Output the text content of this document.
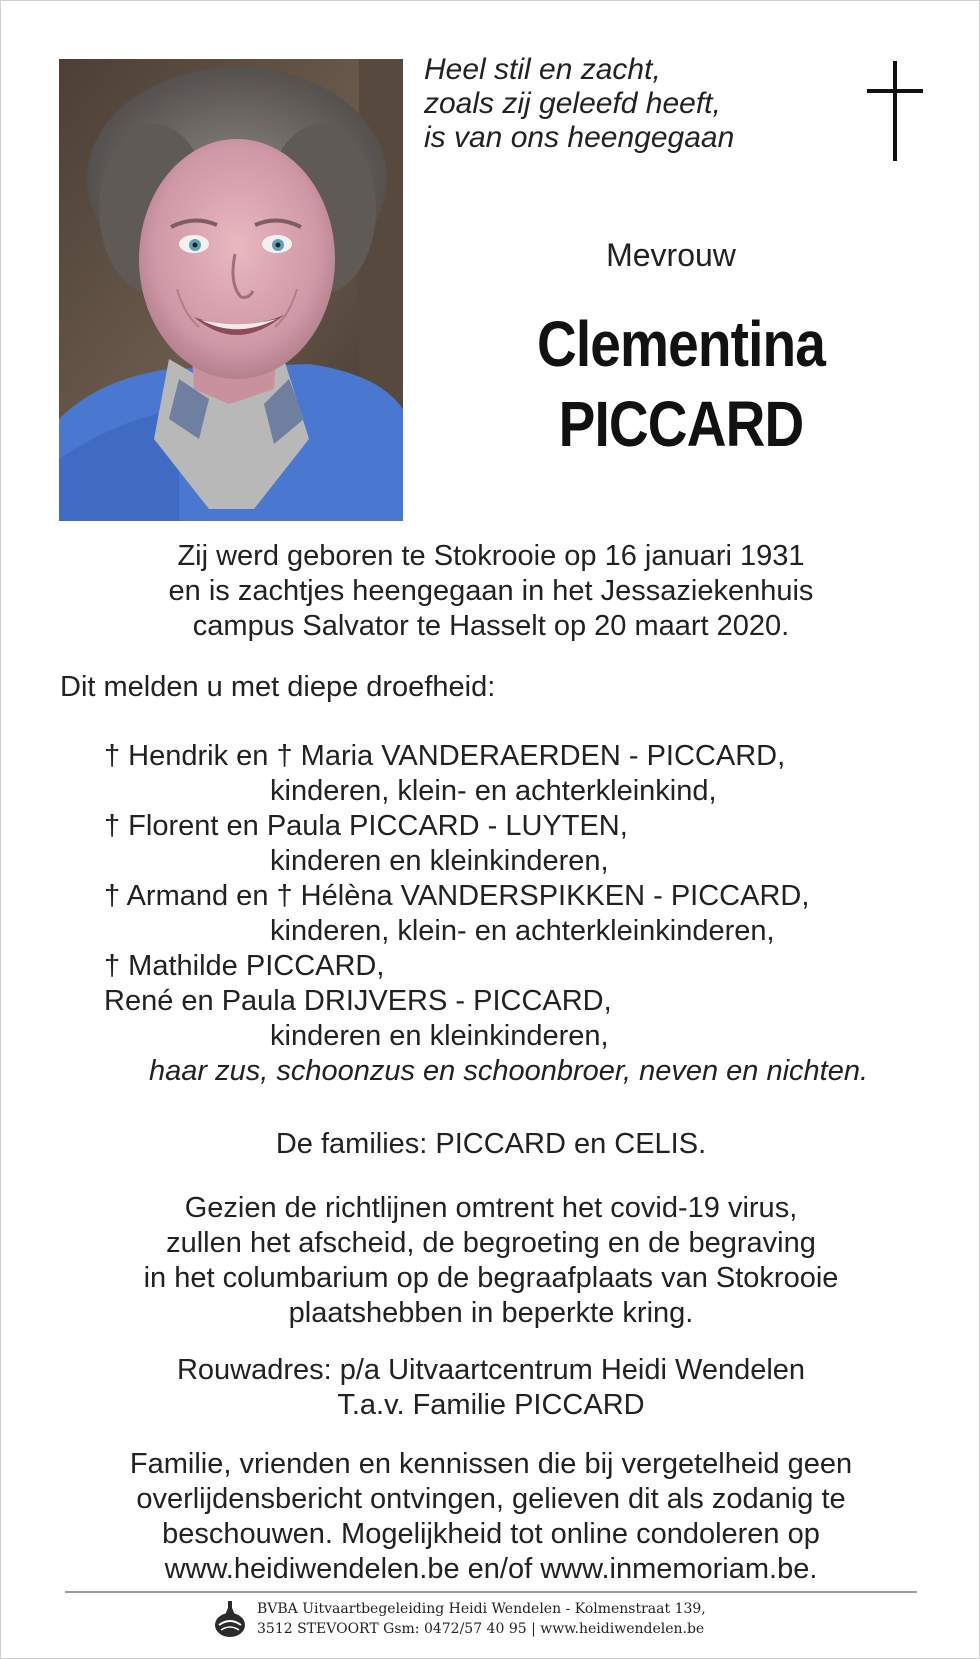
Heel stil en zacht,
zoals zij geleefd heeft,
is van ons heengegaan
Mevrouw
Clementina
PICCARD
Zij werd geboren te Stokrooie op 16 januari 1931
en is zachtjes heengegaan in het Jessaziekenhuis
campus Salvator te Hasselt op 20 maart 2020.
Dit melden u met diepe droefheid:
† Hendrik en † Maria VANDERAERDEN - PICCARD,
kinderen, klein- en achterkleinkind,
† Florent en Paula PICCARD - LUYTEN,
kinderen en kleinkinderen,
† Armand en † Hélèna VANDERSPIKKEN - PICCARD,
kinderen, klein- en achterkleinkinderen,
† Mathilde PICCARD,
René en Paula DRIJVERS - PICCARD,
kinderen en kleinkinderen,
haar zus, schoonzus en schoonbroer, neven en nichten.
De families: PICCARD en CELIS.
Gezien de richtlijnen omtrent het covid-19 virus,
zullen het afscheid, de begroeting en de begraving
in het columbarium op de begraafplaats van Stokrooie
plaatshebben in beperkte kring.
Rouwadres: p/a Uitvaartcentrum Heidi Wendelen
T.a.v. Familie PICCARD
Familie, vrienden en kennissen die bij vergetelheid geen
overlijdensbericht ontvingen, gelieven dit als zodanig te
beschouwen. Mogelijkheid tot online condoleren op
www.heidiwendelen.be en/of www.inmemoriam.be.
BVBA Uitvaartbegeleiding Heidi Wendelen - Kolmenstraat 139,
3512 STEVOORT Gsm: 0472/57 40 95 | www.heidiwendelen.be
